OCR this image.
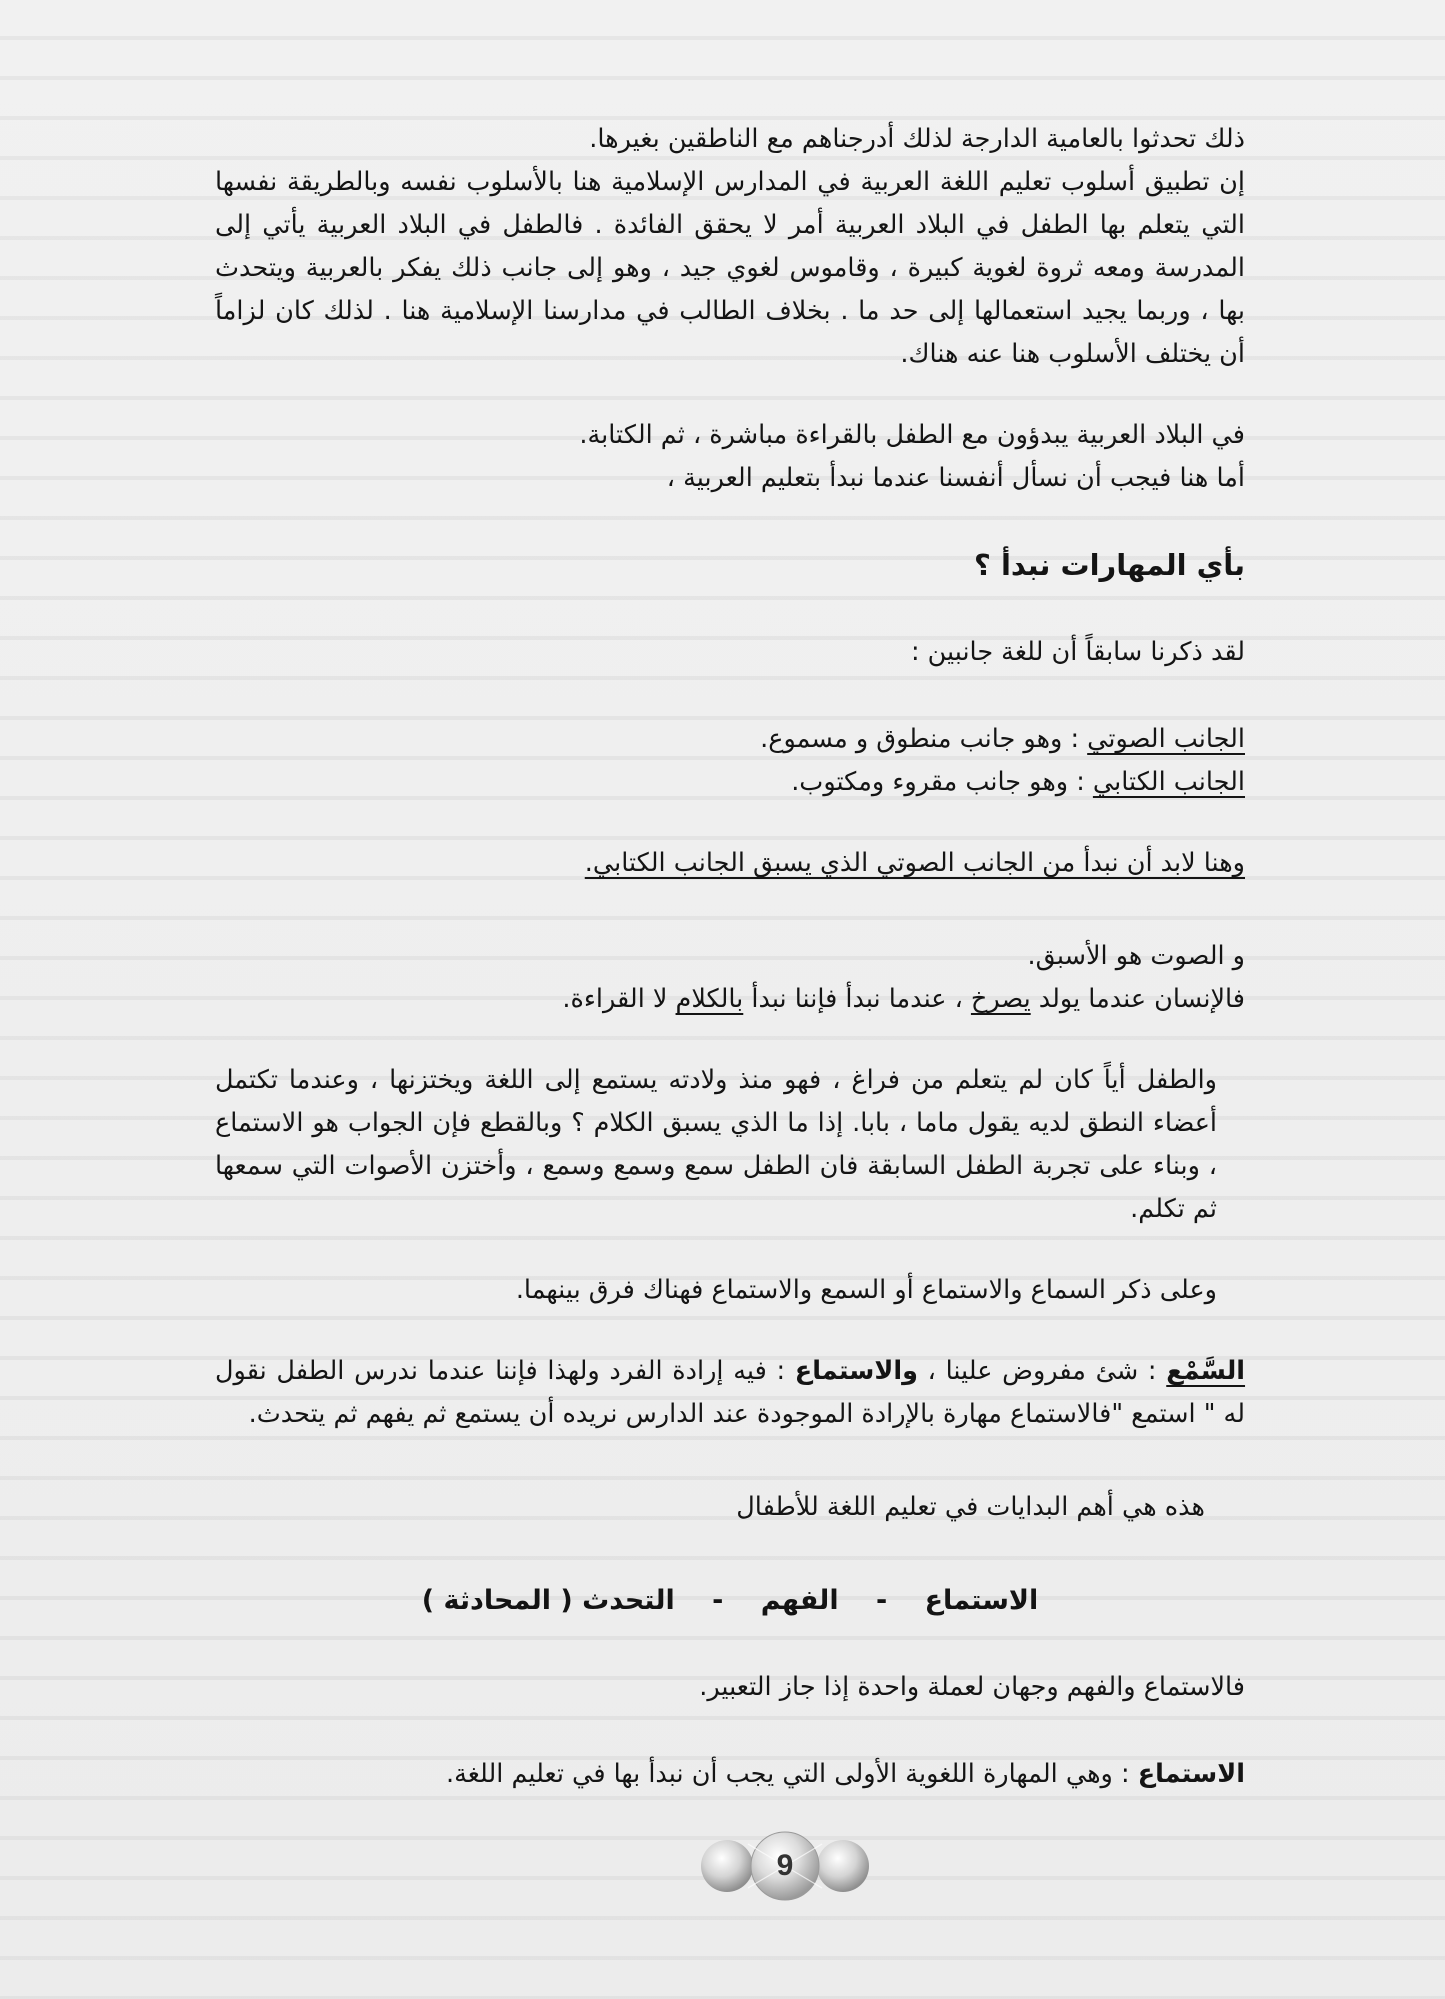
ذلك تحدثوا بالعامية الدارجة لذلك أدرجناهم مع الناطقين بغيرها.

إن تطبيق أسلوب تعليم اللغة العربية في المدارس الإسلامية هنا بالأسلوب نفسه وبالطريقة نفسها التي يتعلم بها الطفل في البلاد العربية أمر لا يحقق الفائدة . فالطفل في البلاد العربية يأتي إلى المدرسة ومعه ثروة لغوية كبيرة ، وقاموس لغوي جيد ، وهو إلى جانب ذلك يفكر بالعربية ويتحدث بها ، وربما يجيد استعمالها إلى حد ما . بخلاف الطالب في مدارسنا الإسلامية هنا . لذلك كان لزاماً أن يختلف الأسلوب هنا عنه هناك.

في البلاد العربية يبدؤون مع الطفل بالقراءة مباشرة ، ثم الكتابة.

أما هنا فيجب أن نسأل أنفسنا عندما نبدأ بتعليم العربية ،

بأي المهارات نبدأ ؟

لقد ذكرنا سابقاً أن للغة جانبين :

الجانب الصوتي : وهو جانب منطوق و مسموع.

الجانب الكتابي : وهو جانب مقروء ومكتوب.

وهنا لابد أن نبدأ من الجانب الصوتي الذي يسبق الجانب الكتابي.

و الصوت هو الأسبق.

فالإنسان عندما يولد يصرخ ، عندما نبدأ فإننا نبدأ بالكلام لا القراءة.

والطفل أياً كان لم يتعلم من فراغ ، فهو منذ ولادته يستمع إلى اللغة ويختزنها ، وعندما تكتمل أعضاء النطق لديه يقول ماما ، بابا. إذا ما الذي يسبق الكلام ؟ وبالقطع فإن الجواب هو الاستماع ، وبناء على تجربة الطفل السابقة فان الطفل سمع وسمع وسمع ، وأختزن الأصوات التي سمعها ثم تكلم.

وعلى ذكر السماع والاستماع أو السمع والاستماع فهناك فرق بينهما.

السَّمْع : شئ مفروض علينا ، والاستماع : فيه إرادة الفرد ولهذا فإننا عندما ندرس الطفل نقول له " استمع "فالاستماع مهارة بالإرادة الموجودة عند الدارس نريده أن يستمع ثم يفهم ثم يتحدث.

هذه هي أهم البدايات في تعليم اللغة للأطفال

الاستماع - الفهم - التحدث ( المحادثة )

فالاستماع والفهم وجهان لعملة واحدة إذا جاز التعبير.

الاستماع : وهي المهارة اللغوية الأولى التي يجب أن نبدأ بها في تعليم اللغة.

9
